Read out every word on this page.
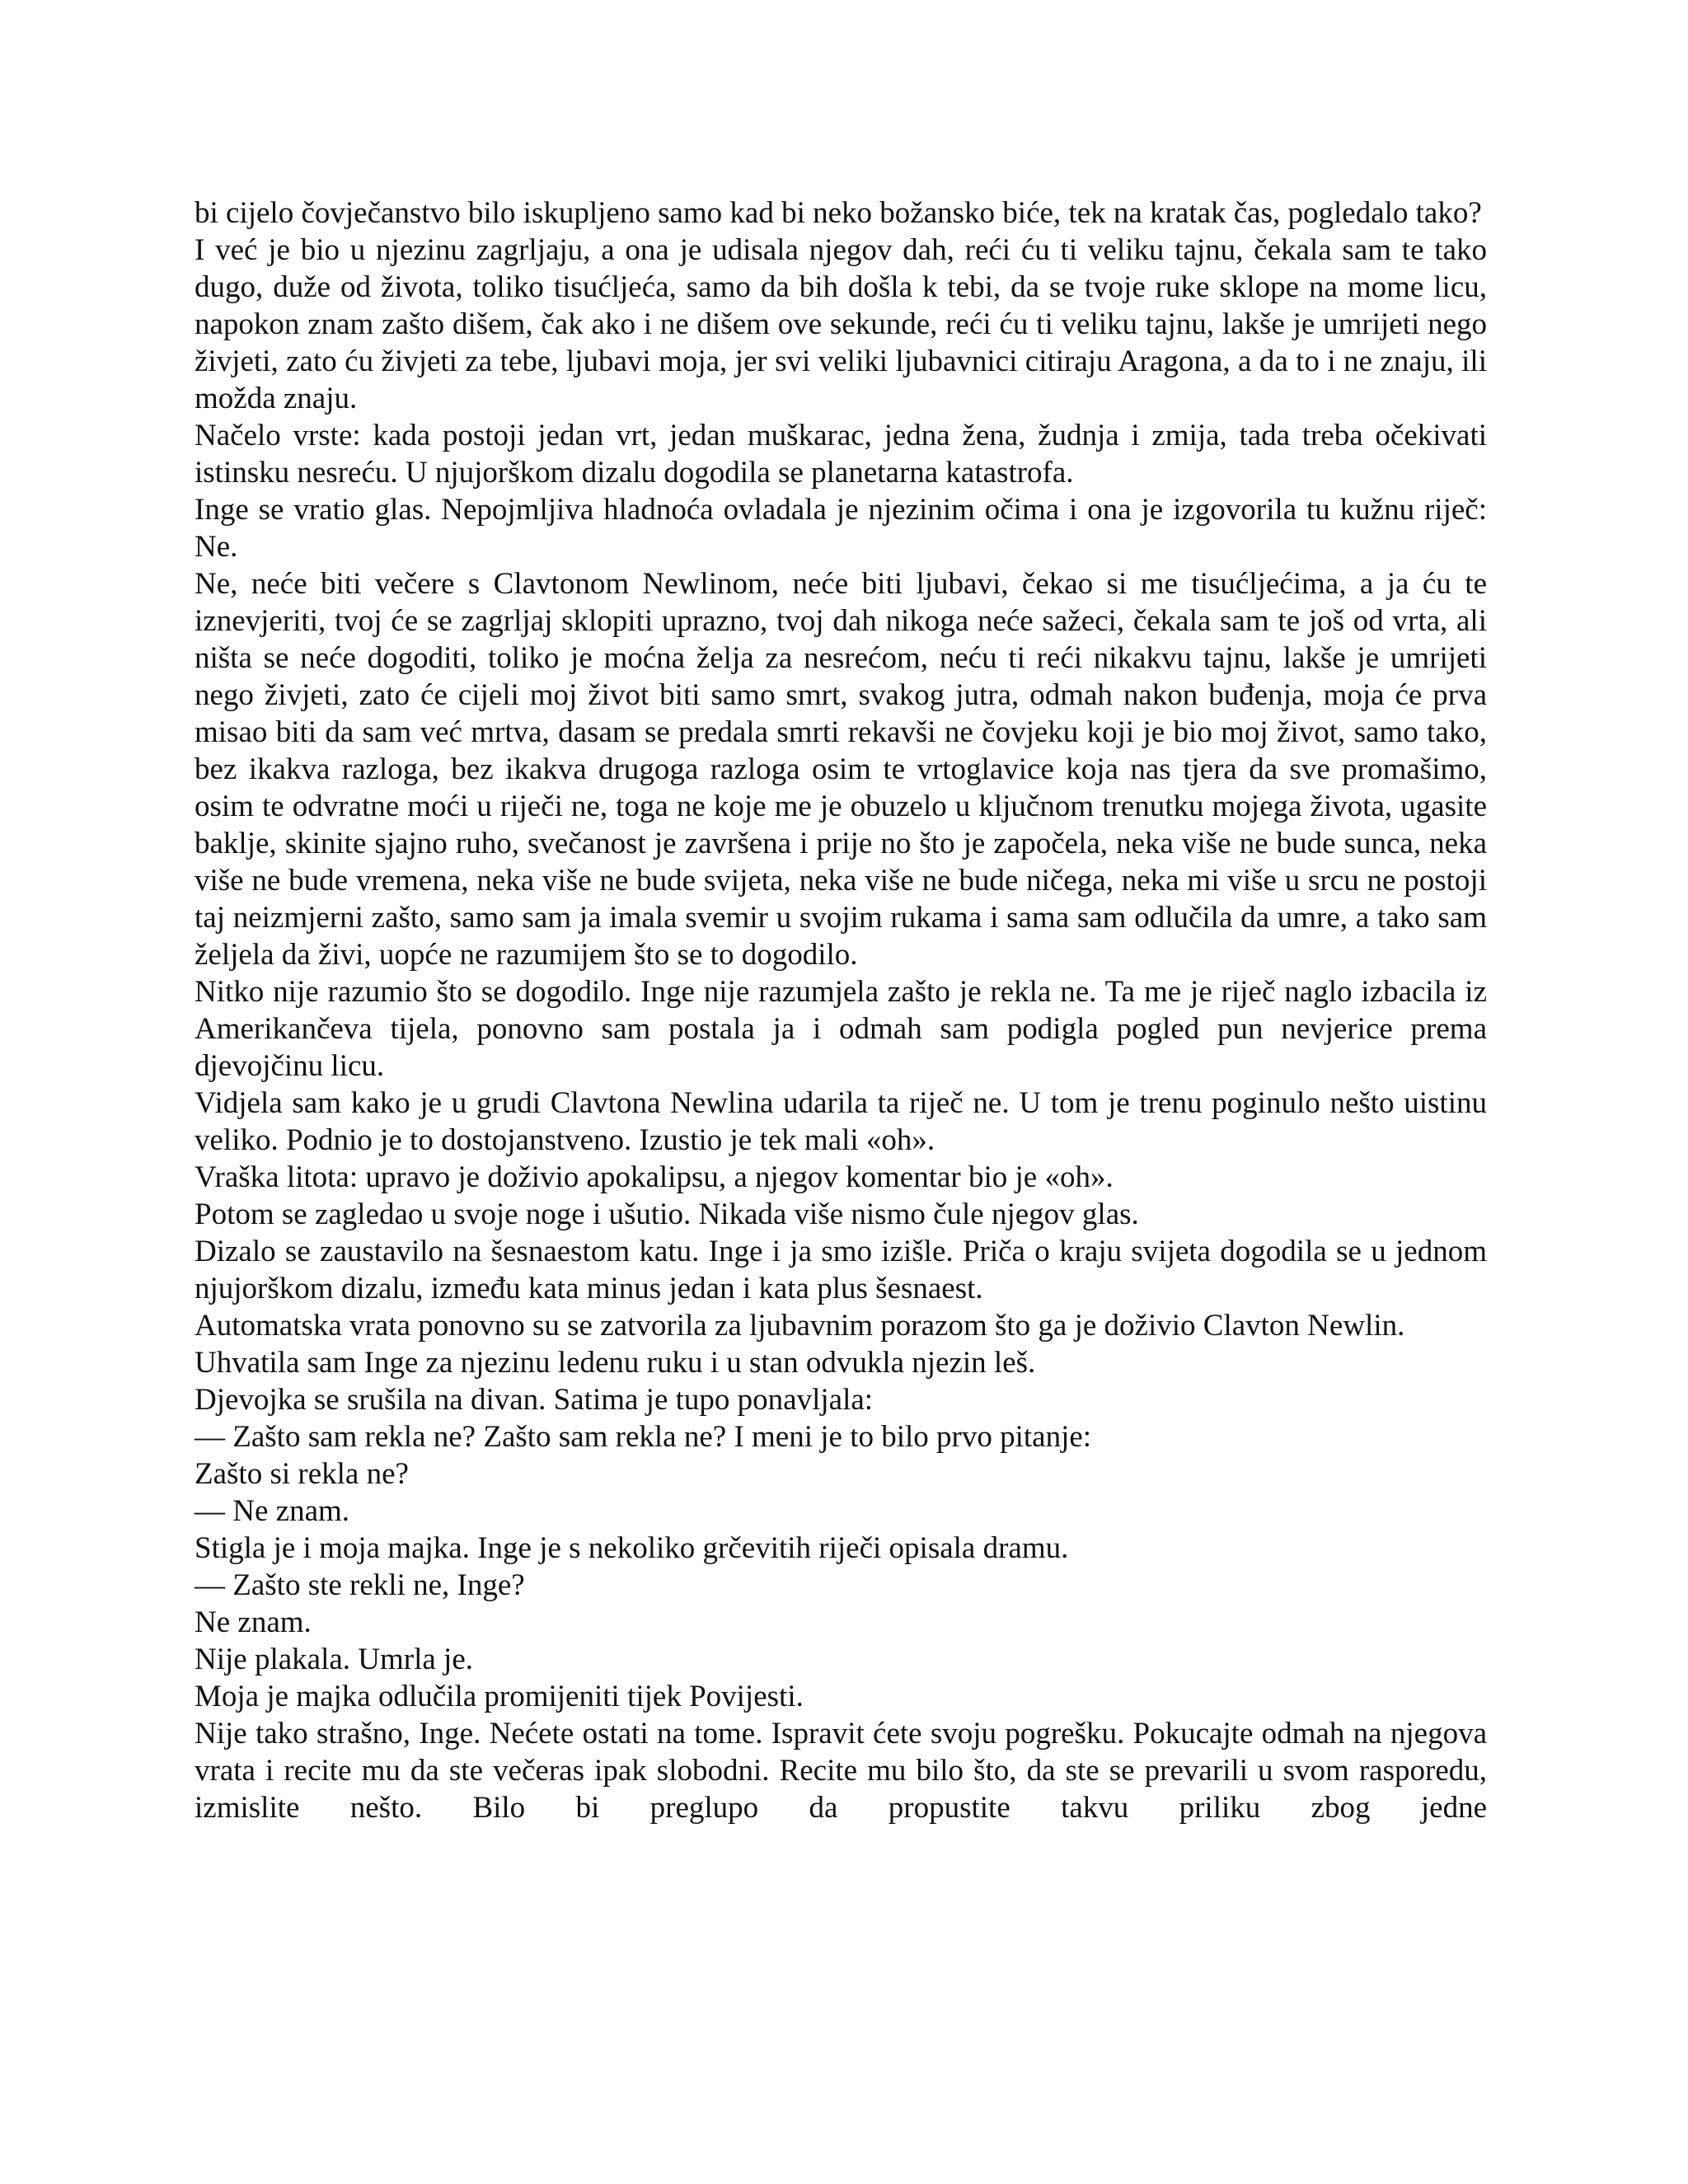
bi cijelo čovječanstvo bilo iskupljeno samo kad bi neko božansko biće, tek na kratak čas, pogledalo tako?

I već je bio u njezinu zagrljaju, a ona je udisala njegov dah, reći ću ti veliku tajnu, čekala sam te tako dugo, duže od života, toliko tisućljeća, samo da bih došla k tebi, da se tvoje ruke sklope na mome licu, napokon znam zašto dišem, čak ako i ne dišem ove sekunde, reći ću ti veliku tajnu, lakše je umrijeti nego živjeti, zato ću živjeti za tebe, ljubavi moja, jer svi veliki ljubavnici citiraju Aragona, a da to i ne znaju, ili možda znaju.

Načelo vrste: kada postoji jedan vrt, jedan muškarac, jedna žena, žudnja i zmija, tada treba očekivati istinsku nesreću. U njujorškom dizalu dogodila se planetarna katastrofa.

Inge se vratio glas. Nepojmljiva hladnoća ovladala je njezinim očima i ona je izgovorila tu kužnu riječ: Ne.

Ne, neće biti večere s Clavtonom Newlinom, neće biti ljubavi, čekao si me tisućljećima, a ja ću te iznevjeriti, tvoj će se zagrljaj sklopiti uprazno, tvoj dah nikoga neće sažeci, čekala sam te još od vrta, ali ništa se neće dogoditi, toliko je moćna želja za nesrećom, neću ti reći nikakvu tajnu, lakše je umrijeti nego živjeti, zato će cijeli moj život biti samo smrt, svakog jutra, odmah nakon buđenja, moja će prva misao biti da sam već mrtva, dasam se predala smrti rekavši ne čovjeku koji je bio moj život, samo tako, bez ikakva razloga, bez ikakva drugoga razloga osim te vrtoglavice koja nas tjera da sve promašimo, osim te odvratne moći u riječi ne, toga ne koje me je obuzelo u ključnom trenutku mojega života, ugasite baklje, skinite sjajno ruho, svečanost je završena i prije no što je započela, neka više ne bude sunca, neka više ne bude vremena, neka više ne bude svijeta, neka više ne bude ničega, neka mi više u srcu ne postoji taj neizmjerni zašto, samo sam ja imala svemir u svojim rukama i sama sam odlučila da umre, a tako sam željela da živi, uopće ne razumijem što se to dogodilo.

Nitko nije razumio što se dogodilo. Inge nije razumjela zašto je rekla ne. Ta me je riječ naglo izbacila iz Amerikančeva tijela, ponovno sam postala ja i odmah sam podigla pogled pun nevjerice prema djevojčinu licu.

Vidjela sam kako je u grudi Clavtona Newlina udarila ta riječ ne. U tom je trenu poginulo nešto uistinu veliko. Podnio je to dostojanstveno. Izustio je tek mali «oh».

Vraška litota: upravo je doživio apokalipsu, a njegov komentar bio je «oh».

Potom se zagledao u svoje noge i ušutio. Nikada više nismo čule njegov glas.

Dizalo se zaustavilo na šesnaestom katu. Inge i ja smo izišle. Priča o kraju svijeta dogodila se u jednom njujorškom dizalu, između kata minus jedan i kata plus šesnaest.

Automatska vrata ponovno su se zatvorila za ljubavnim porazom što ga je doživio Clavton Newlin.

Uhvatila sam Inge za njezinu ledenu ruku i u stan odvukla njezin leš.

Djevojka se srušila na divan. Satima je tupo ponavljala:

— Zašto sam rekla ne? Zašto sam rekla ne? I meni je to bilo prvo pitanje:

Zašto si rekla ne?

— Ne znam.

Stigla je i moja majka. Inge je s nekoliko grčevitih riječi opisala dramu.

— Zašto ste rekli ne, Inge?

Ne znam.

Nije plakala. Umrla je.

Moja je majka odlučila promijeniti tijek Povijesti.

Nije tako strašno, Inge. Nećete ostati na tome. Ispravit ćete svoju pogrešku. Pokucajte odmah na njegova vrata i recite mu da ste večeras ipak slobodni. Recite mu bilo što, da ste se prevarili u svom rasporedu, izmislite nešto. Bilo bi preglupo da propustite takvu priliku zbog jedne
